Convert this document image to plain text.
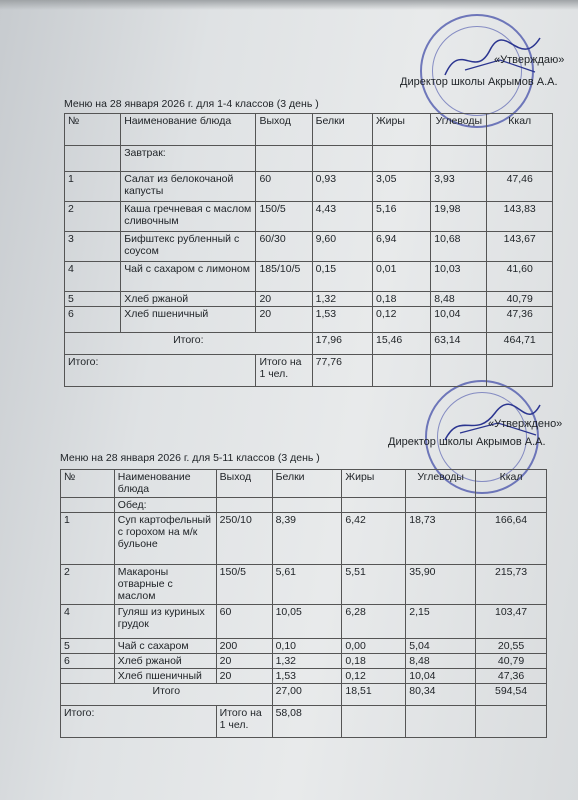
«Утверждаю»
Директор школы Акрымов А.А.
Меню на 28 января 2026 г. для 1-4 классов (3 день )
№	Наименование блюда	Выход	Белки	Жиры	Углеводы	Ккал
	Завтрак:					
1	Салат из белокочаной капусты	60	0,93	3,05	3,93	47,46
2	Каша гречневая с маслом сливочным	150/5	4,43	5,16	19,98	143,83
3	Бифштекс рубленный с соусом	60/30	9,60	6,94	10,68	143,67
4	Чай с сахаром с лимоном	185/10/5	0,15	0,01	10,03	41,60
5	Хлеб ржаной	20	1,32	0,18	8,48	40,79
6	Хлеб пшеничный	20	1,53	0,12	10,04	47,36
Итого:			17,96	15,46	63,14	464,71
Итого:		Итого на 1 чел.	77,76			
«Утверждено»
Директор школы Акрымов А.А.
Меню на 28 января 2026 г. для 5-11 классов (3 день )
№	Наименование блюда	Выход	Белки	Жиры	Углеводы	Ккал
	Обед:					
1	Суп картофельный с горохом на м/к бульоне	250/10	8,39	6,42	18,73	166,64
2	Макароны отварные с маслом	150/5	5,61	5,51	35,90	215,73
4	Гуляш из куриных грудок	60	10,05	6,28	2,15	103,47
5	Чай с сахаром	200	0,10	0,00	5,04	20,55
6	Хлеб ржаной	20	1,32	0,18	8,48	40,79
	Хлеб пшеничный	20	1,53	0,12	10,04	47,36
Итого			27,00	18,51	80,34	594,54
Итого:		Итого на 1 чел.	58,08			
